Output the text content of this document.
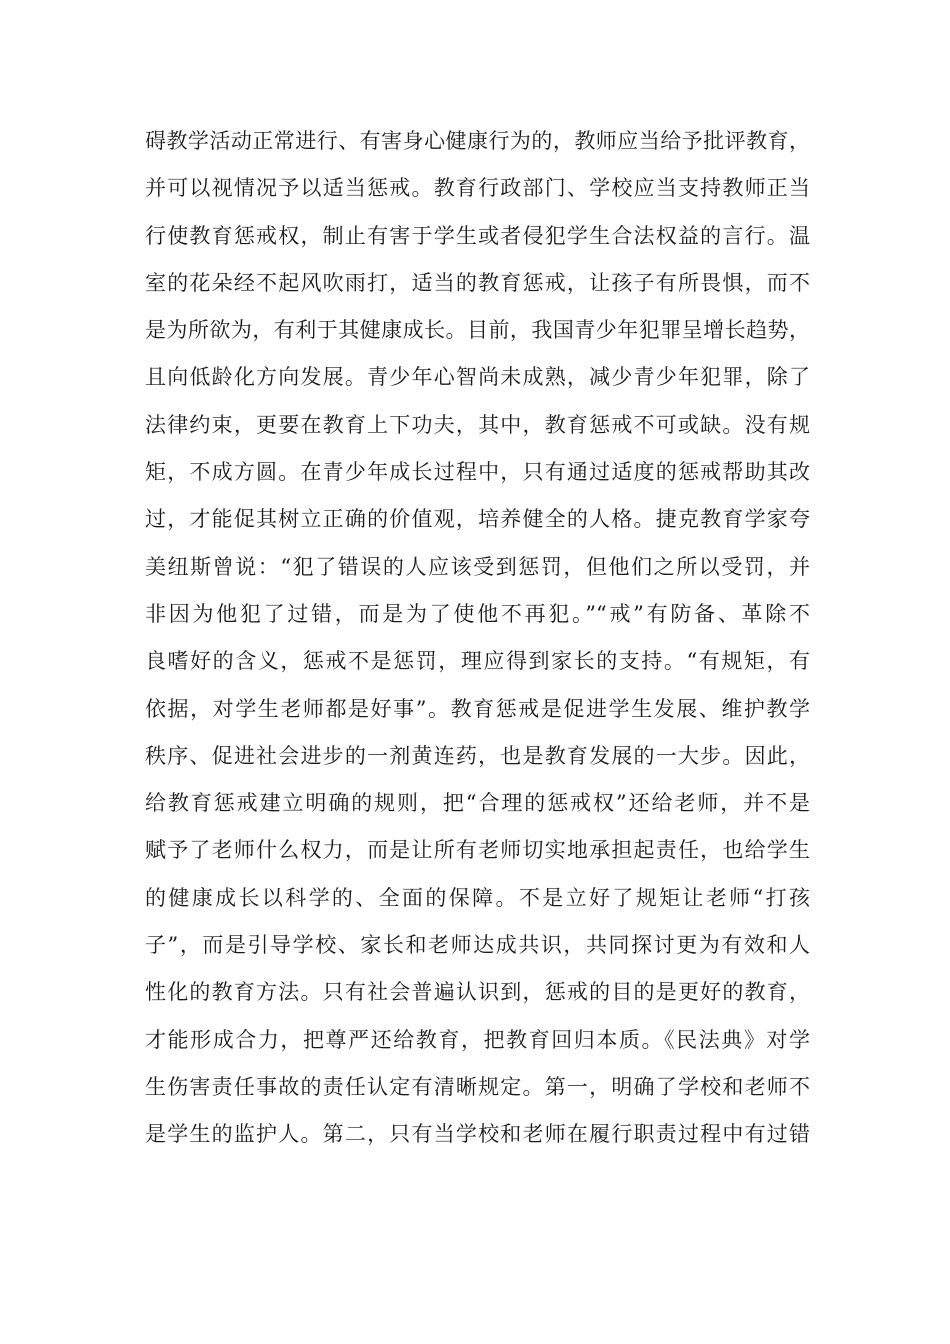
碍教学活动正常进行、有害身心健康行为的，教师应当给予批评教育，
并可以视情况予以适当惩戒。教育行政部门、学校应当支持教师正当
行使教育惩戒权，制止有害于学生或者侵犯学生合法权益的言行。温
室的花朵经不起风吹雨打，适当的教育惩戒，让孩子有所畏惧，而不
是为所欲为，有利于其健康成长。目前，我国青少年犯罪呈增长趋势，
且向低龄化方向发展。青少年心智尚未成熟，减少青少年犯罪，除了
法律约束，更要在教育上下功夫，其中，教育惩戒不可或缺。没有规
矩，不成方圆。在青少年成长过程中，只有通过适度的惩戒帮助其改
过，才能促其树立正确的价值观，培养健全的人格。捷克教育学家夸
美纽斯曾说：“犯了错误的人应该受到惩罚，但他们之所以受罚，并
非因为他犯了过错，而是为了使他不再犯。”“戒”有防备、革除不
良嗜好的含义，惩戒不是惩罚，理应得到家长的支持。“有规矩，有
依据，对学生老师都是好事”。教育惩戒是促进学生发展、维护教学
秩序、促进社会进步的一剂黄连药，也是教育发展的一大步。因此，
给教育惩戒建立明确的规则，把“合理的惩戒权”还给老师，并不是
赋予了老师什么权力，而是让所有老师切实地承担起责任，也给学生
的健康成长以科学的、全面的保障。不是立好了规矩让老师“打孩
子”，而是引导学校、家长和老师达成共识，共同探讨更为有效和人
性化的教育方法。只有社会普遍认识到，惩戒的目的是更好的教育，
才能形成合力，把尊严还给教育，把教育回归本质。《民法典》对学
生伤害责任事故的责任认定有清晰规定。第一，明确了学校和老师不
是学生的监护人。第二，只有当学校和老师在履行职责过程中有过错
